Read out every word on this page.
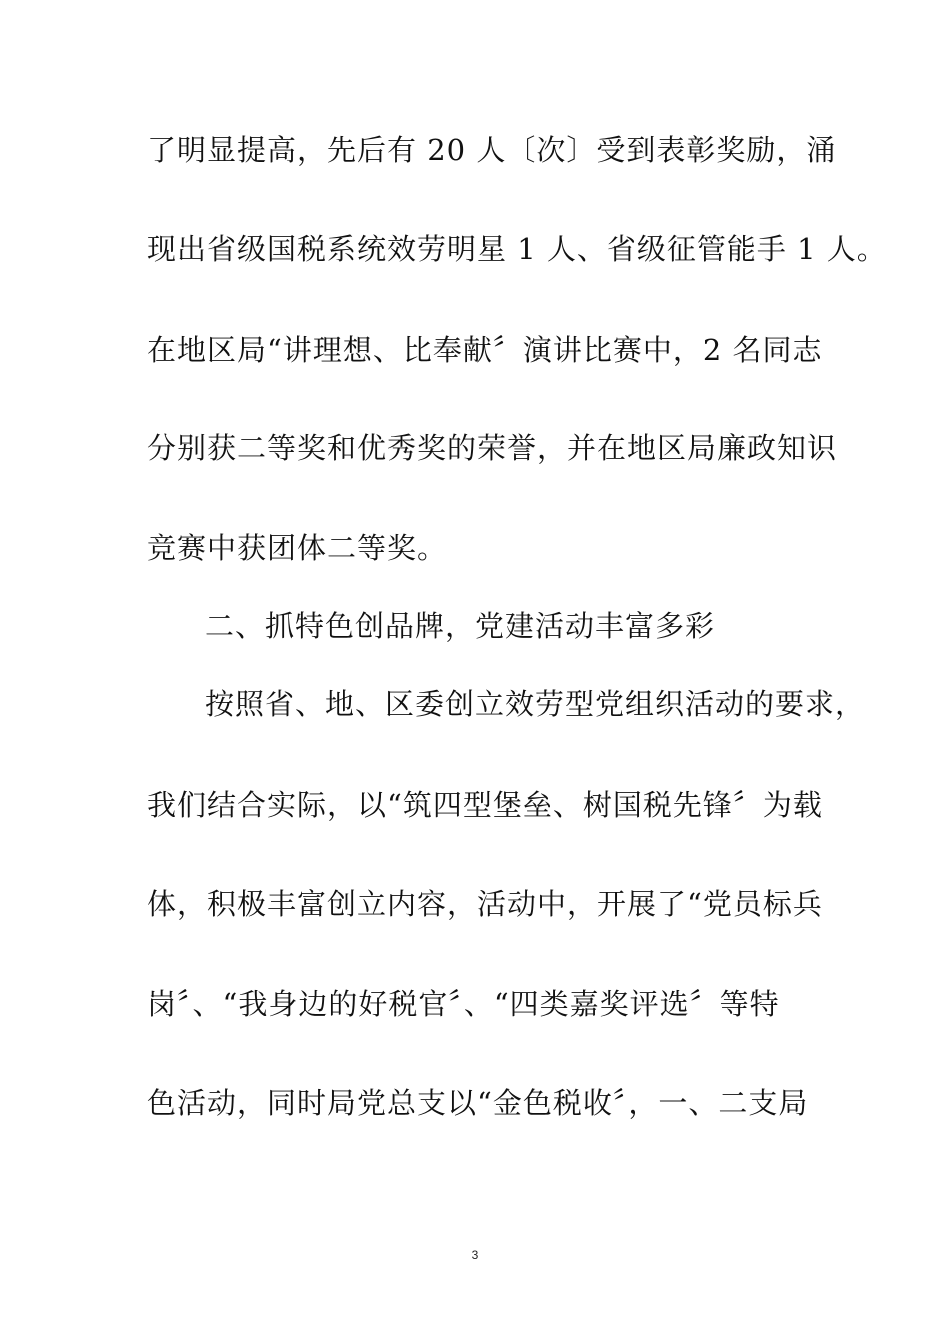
了明显提高，先后有 20 人〔次〕受到表彰奖励，涌
现出省级国税系统效劳明星 1 人、省级征管能手 1 人。
在地区局“讲理想、比奉献〞演讲比赛中，2 名同志
分别获二等奖和优秀奖的荣誉，并在地区局廉政知识
竞赛中获团体二等奖。
二、抓特色创品牌，党建活动丰富多彩
按照省、地、区委创立效劳型党组织活动的要求，
我们结合实际，以“筑四型堡垒、树国税先锋〞为载
体，积极丰富创立内容，活动中，开展了“党员标兵
岗〞、“我身边的好税官〞、“四类嘉奖评选〞等特
色活动，同时局党总支以“金色税收〞，一、二支局
3
